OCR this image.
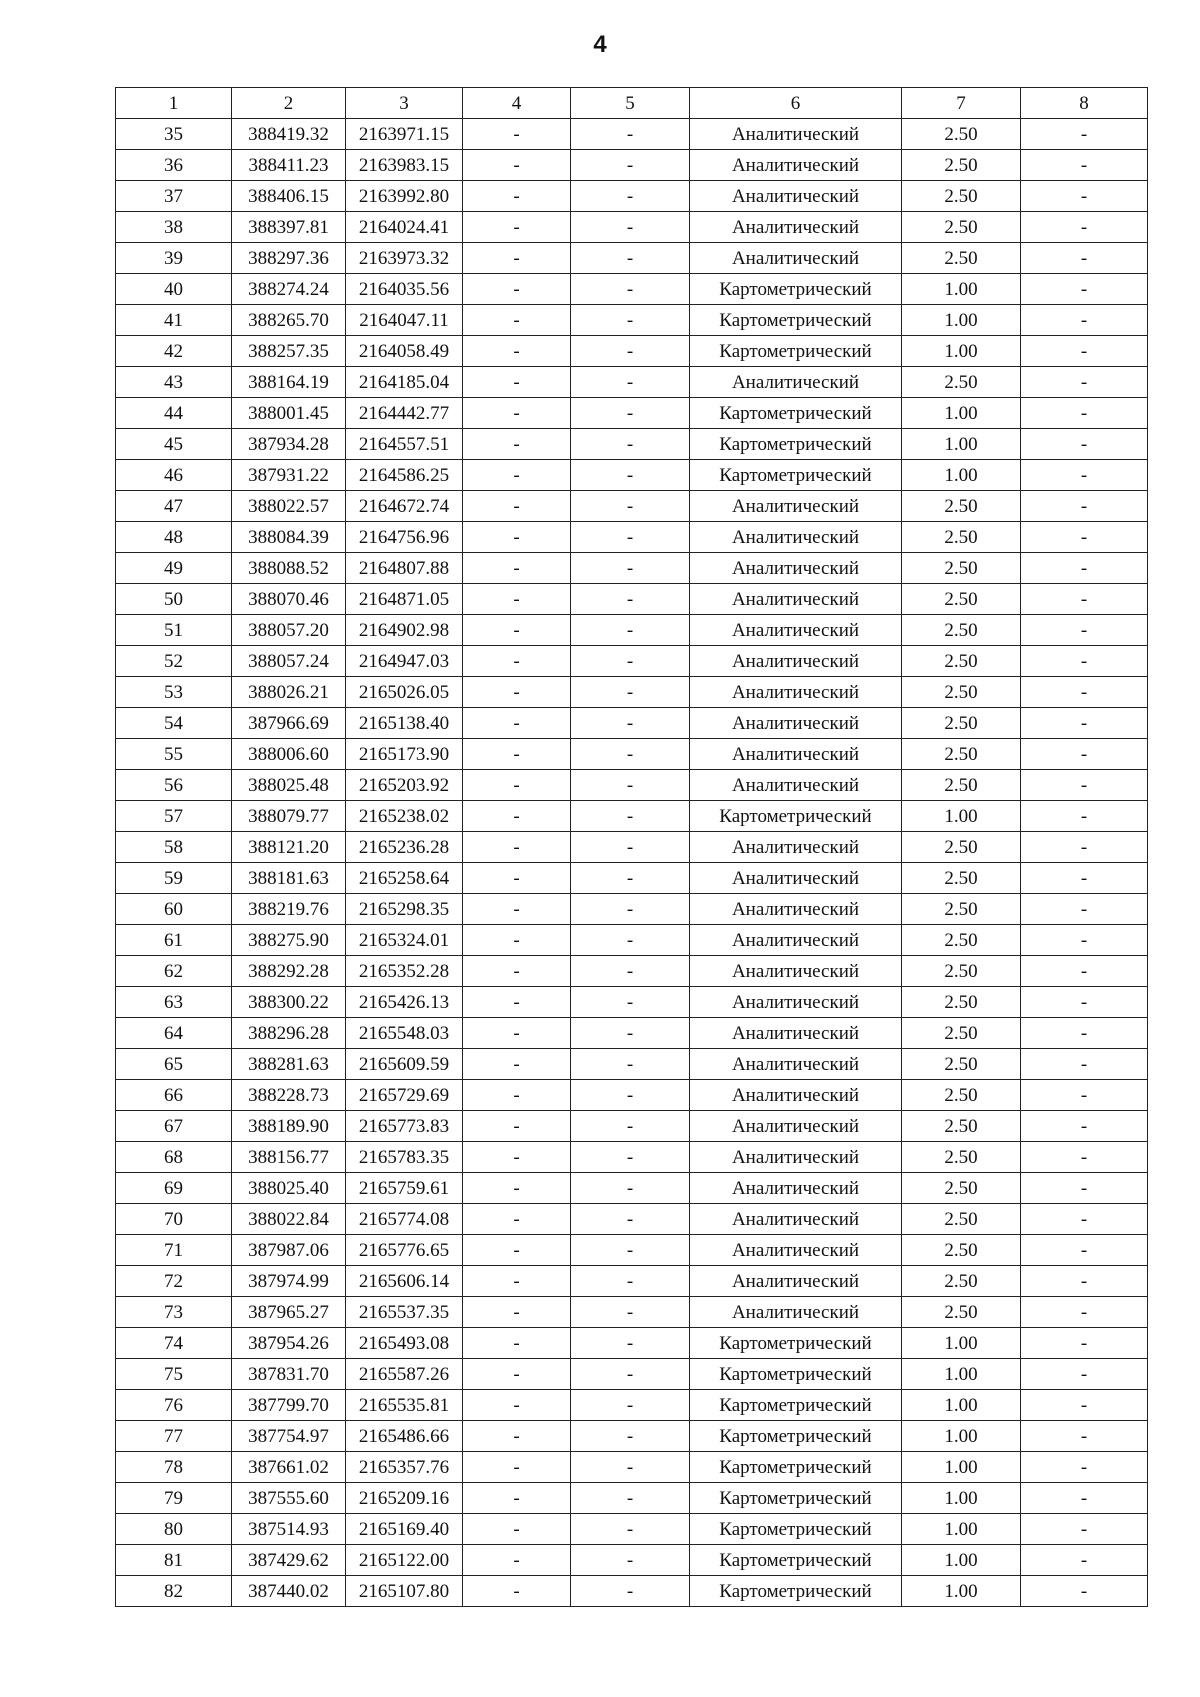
4
1	2	3	4	5	6	7	8
35	388419.32	2163971.15	-	-	Аналитический	2.50	-
36	388411.23	2163983.15	-	-	Аналитический	2.50	-
37	388406.15	2163992.80	-	-	Аналитический	2.50	-
38	388397.81	2164024.41	-	-	Аналитический	2.50	-
39	388297.36	2163973.32	-	-	Аналитический	2.50	-
40	388274.24	2164035.56	-	-	Картометрический	1.00	-
41	388265.70	2164047.11	-	-	Картометрический	1.00	-
42	388257.35	2164058.49	-	-	Картометрический	1.00	-
43	388164.19	2164185.04	-	-	Аналитический	2.50	-
44	388001.45	2164442.77	-	-	Картометрический	1.00	-
45	387934.28	2164557.51	-	-	Картометрический	1.00	-
46	387931.22	2164586.25	-	-	Картометрический	1.00	-
47	388022.57	2164672.74	-	-	Аналитический	2.50	-
48	388084.39	2164756.96	-	-	Аналитический	2.50	-
49	388088.52	2164807.88	-	-	Аналитический	2.50	-
50	388070.46	2164871.05	-	-	Аналитический	2.50	-
51	388057.20	2164902.98	-	-	Аналитический	2.50	-
52	388057.24	2164947.03	-	-	Аналитический	2.50	-
53	388026.21	2165026.05	-	-	Аналитический	2.50	-
54	387966.69	2165138.40	-	-	Аналитический	2.50	-
55	388006.60	2165173.90	-	-	Аналитический	2.50	-
56	388025.48	2165203.92	-	-	Аналитический	2.50	-
57	388079.77	2165238.02	-	-	Картометрический	1.00	-
58	388121.20	2165236.28	-	-	Аналитический	2.50	-
59	388181.63	2165258.64	-	-	Аналитический	2.50	-
60	388219.76	2165298.35	-	-	Аналитический	2.50	-
61	388275.90	2165324.01	-	-	Аналитический	2.50	-
62	388292.28	2165352.28	-	-	Аналитический	2.50	-
63	388300.22	2165426.13	-	-	Аналитический	2.50	-
64	388296.28	2165548.03	-	-	Аналитический	2.50	-
65	388281.63	2165609.59	-	-	Аналитический	2.50	-
66	388228.73	2165729.69	-	-	Аналитический	2.50	-
67	388189.90	2165773.83	-	-	Аналитический	2.50	-
68	388156.77	2165783.35	-	-	Аналитический	2.50	-
69	388025.40	2165759.61	-	-	Аналитический	2.50	-
70	388022.84	2165774.08	-	-	Аналитический	2.50	-
71	387987.06	2165776.65	-	-	Аналитический	2.50	-
72	387974.99	2165606.14	-	-	Аналитический	2.50	-
73	387965.27	2165537.35	-	-	Аналитический	2.50	-
74	387954.26	2165493.08	-	-	Картометрический	1.00	-
75	387831.70	2165587.26	-	-	Картометрический	1.00	-
76	387799.70	2165535.81	-	-	Картометрический	1.00	-
77	387754.97	2165486.66	-	-	Картометрический	1.00	-
78	387661.02	2165357.76	-	-	Картометрический	1.00	-
79	387555.60	2165209.16	-	-	Картометрический	1.00	-
80	387514.93	2165169.40	-	-	Картометрический	1.00	-
81	387429.62	2165122.00	-	-	Картометрический	1.00	-
82	387440.02	2165107.80	-	-	Картометрический	1.00	-
